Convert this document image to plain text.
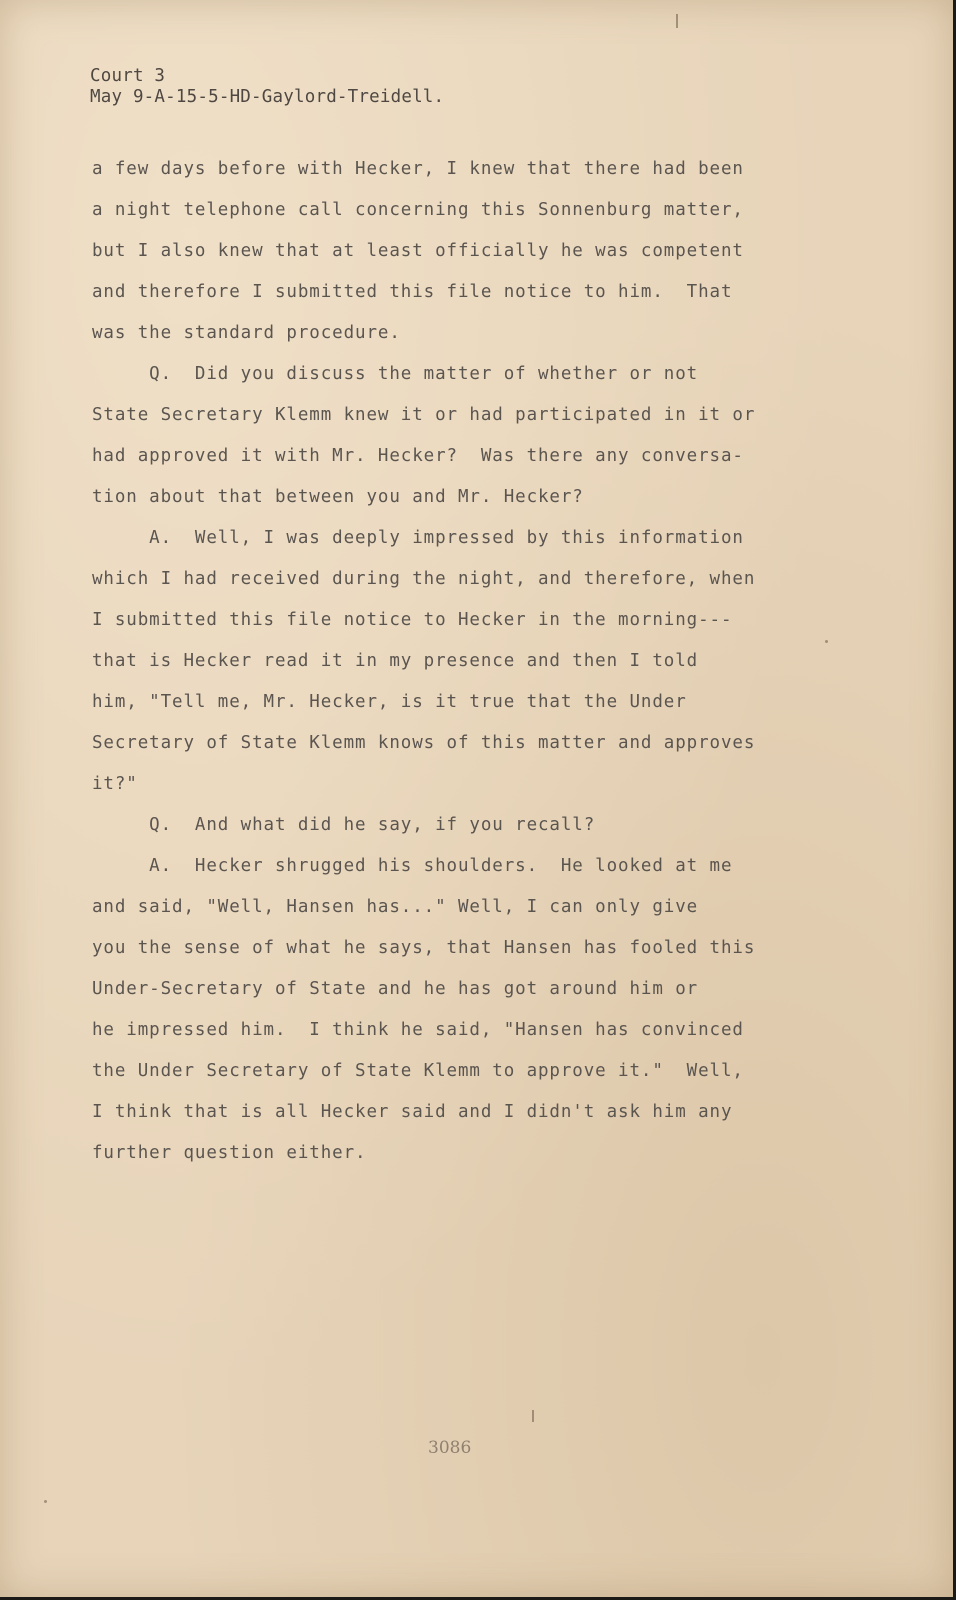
Court 3
May 9-A-15-5-HD-Gaylord-Treidell.
a few days before with Hecker, I knew that there had been
a night telephone call concerning this Sonnenburg matter,
but I also knew that at least officially he was competent
and therefore I submitted this file notice to him.  That
was the standard procedure.
Q.  Did you discuss the matter of whether or not
State Secretary Klemm knew it or had participated in it or
had approved it with Mr. Hecker?  Was there any conversa-
tion about that between you and Mr. Hecker?
A.  Well, I was deeply impressed by this information
which I had received during the night, and therefore, when
I submitted this file notice to Hecker in the morning---
that is Hecker read it in my presence and then I told
him, "Tell me, Mr. Hecker, is it true that the Under
Secretary of State Klemm knows of this matter and approves
it?"
Q.  And what did he say, if you recall?
A.  Hecker shrugged his shoulders.  He looked at me
and said, "Well, Hansen has..." Well, I can only give
you the sense of what he says, that Hansen has fooled this
Under-Secretary of State and he has got around him or
he impressed him.  I think he said, "Hansen has convinced
the Under Secretary of State Klemm to approve it."  Well,
I think that is all Hecker said and I didn't ask him any
further question either.
3086
